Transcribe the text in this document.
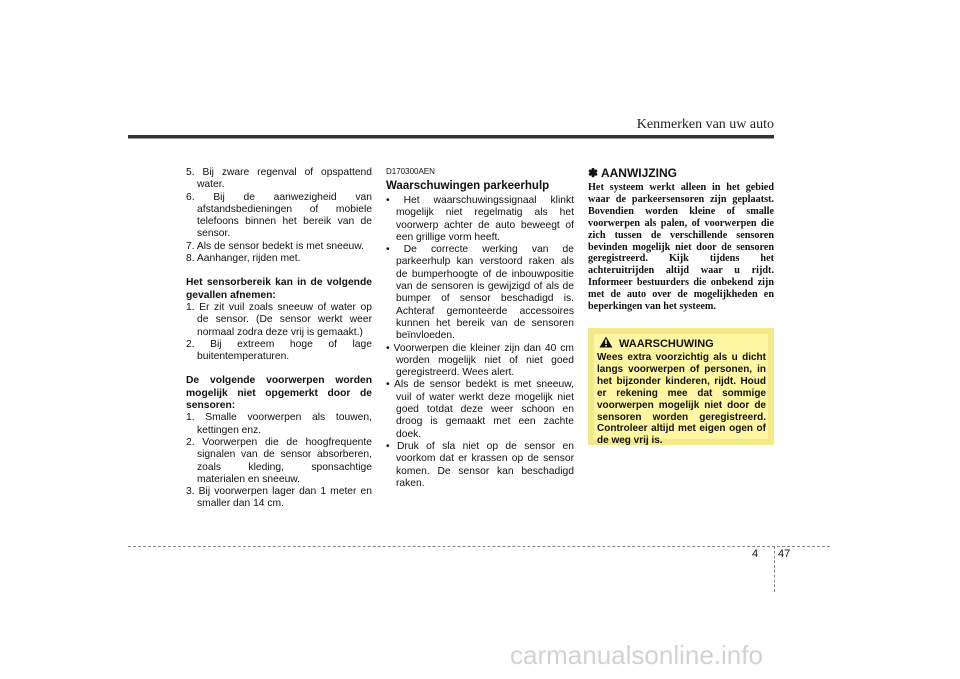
Kenmerken van uw auto

5. Bij zware regenval of opspattend water.

6. Bij de aanwezigheid van afstandsbedieningen of mobiele telefoons binnen het bereik van de sensor.

7. Als de sensor bedekt is met sneeuw.

8. Aanhanger, rijden met.

Het sensorbereik kan in de volgende gevallen afnemen:

1. Er zit vuil zoals sneeuw of water op de sensor. (De sensor werkt weer normaal zodra deze vrij is gemaakt.)

2. Bij extreem hoge of lage buitentemperaturen.

De volgende voorwerpen worden mogelijk niet opgemerkt door de sensoren:

1. Smalle voorwerpen als touwen, kettingen enz.

2. Voorwerpen die de hoogfrequente signalen van de sensor absorberen, zoals kleding, sponsachtige materialen en sneeuw.

3. Bij voorwerpen lager dan 1 meter en smaller dan 14 cm.

D170300AEN

Waarschuwingen parkeerhulp

• Het waarschuwingssignaal klinkt mogelijk niet regelmatig als het voorwerp achter de auto beweegt of een grillige vorm heeft.

• De correcte werking van de parkeerhulp kan verstoord raken als de bumperhoogte of de inbouwpositie van de sensoren is gewijzigd of als de bumper of sensor beschadigd is. Achteraf gemonteerde accessoires kunnen het bereik van de sensoren beïnvloeden.

• Voorwerpen die kleiner zijn dan 40 cm worden mogelijk niet of niet goed geregistreerd. Wees alert.

• Als de sensor bedekt is met sneeuw, vuil of water werkt deze mogelijk niet goed totdat deze weer schoon en droog is gemaakt met een zachte doek.

• Druk of sla niet op de sensor en voorkom dat er krassen op de sensor komen. De sensor kan beschadigd raken.

✽ AANWIJZING

Het systeem werkt alleen in het gebied waar de parkeersensoren zijn geplaatst. Bovendien worden kleine of smalle voorwerpen als palen, of voorwerpen die zich tussen de verschillende sensoren bevinden mogelijk niet door de sensoren geregistreerd. Kijk tijdens het achteruitrijden altijd waar u rijdt. Informeer bestuurders die onbekend zijn met de auto over de mogelijkheden en beperkingen van het systeem.

WAARSCHUWING

Wees extra voorzichtig als u dicht langs voorwerpen of personen, in het bijzonder kinderen, rijdt. Houd er rekening mee dat sommige voorwerpen mogelijk niet door de sensoren worden geregistreerd. Controleer altijd met eigen ogen of de weg vrij is.

4 47
carmanualsonline.info
